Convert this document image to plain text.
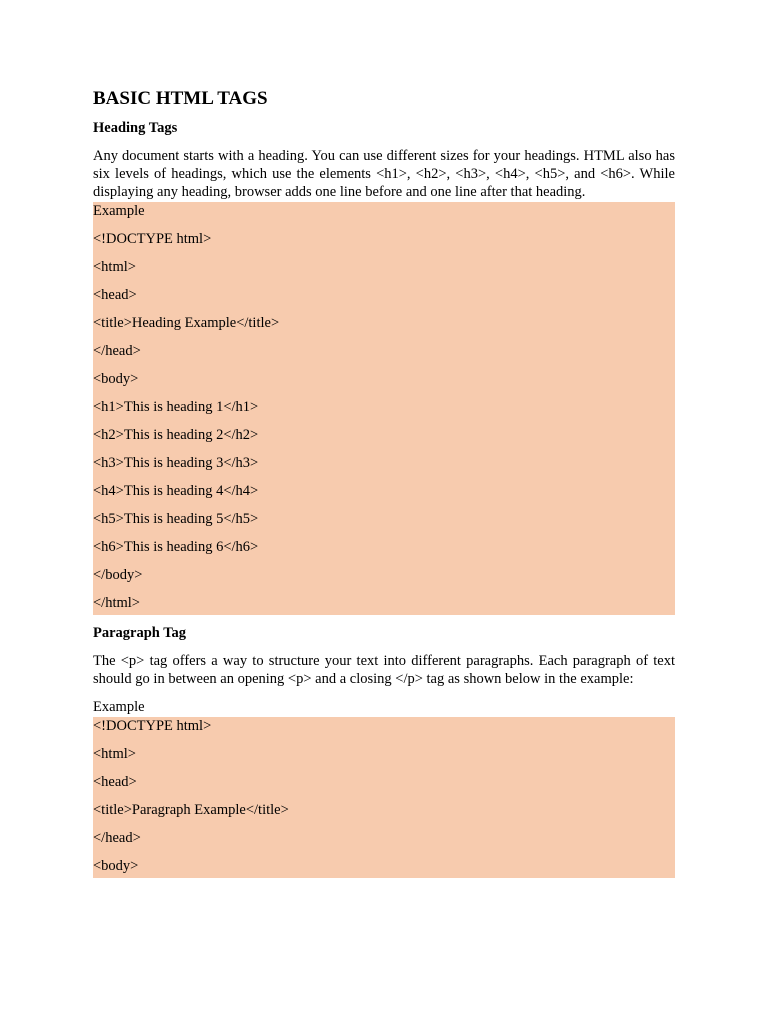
BASIC HTML TAGS
Heading Tags

Any document starts with a heading. You can use different sizes for your headings. HTML also has six levels of headings, which use the elements <h1>, <h2>, <h3>, <h4>, <h5>, and <h6>. While displaying any heading, browser adds one line before and one line after that heading.

Example
<!DOCTYPE html>
<html>
<head>
<title>Heading Example</title>
</head>
<body>
<h1>This is heading 1</h1>
<h2>This is heading 2</h2>
<h3>This is heading 3</h3>
<h4>This is heading 4</h4>
<h5>This is heading 5</h5>
<h6>This is heading 6</h6>
</body>
</html>
Paragraph Tag

The <p> tag offers a way to structure your text into different paragraphs. Each paragraph of text should go in between an opening <p> and a closing </p> tag as shown below in the example:

Example

<!DOCTYPE html>
<html>
<head>
<title>Paragraph Example</title>
</head>
<body>
